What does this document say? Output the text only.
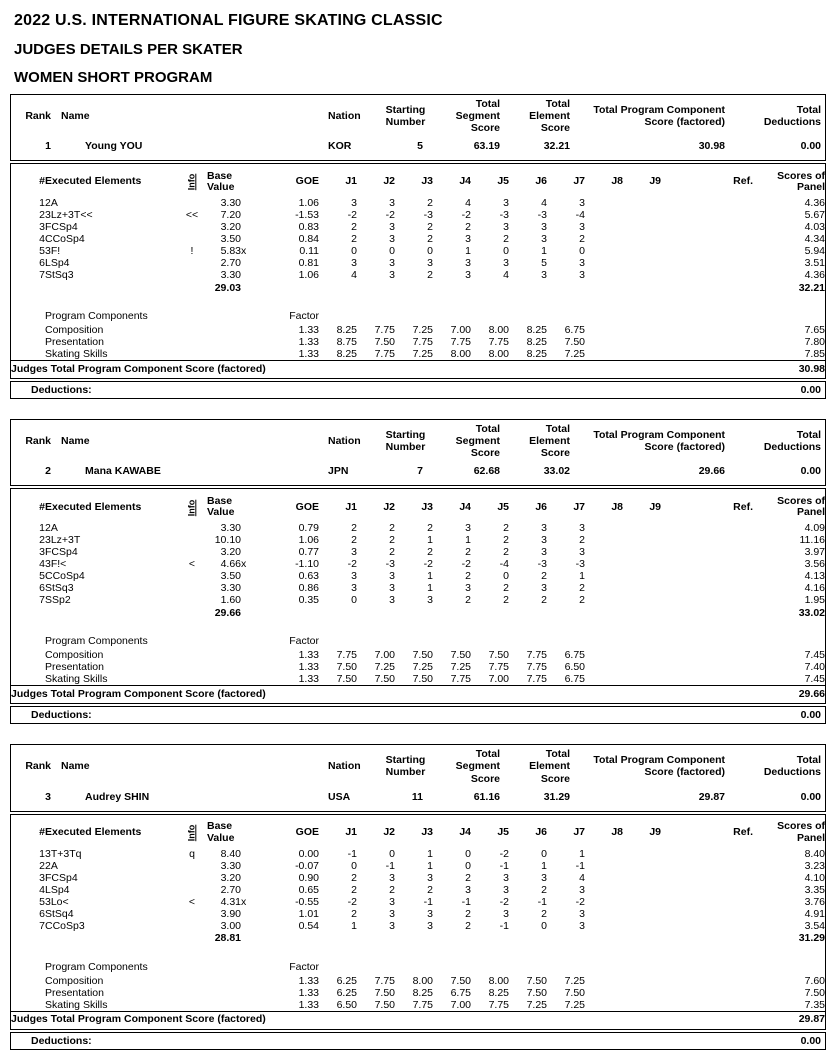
2022 U.S. INTERNATIONAL FIGURE SKATING CLASSIC
JUDGES DETAILS PER SKATER
WOMEN SHORT PROGRAM
Rank	Name	Nation	Starting
Number	Total
Segment
Score	Total
Element
Score	Total Program Component
Score (factored)	Total
Deductions
1	Young YOU	KOR	5	63.19	32.21	30.98	0.00
#	Executed Elements	Info	Base
Value		GOE	J1	J2	J3	J4	J5	J6	J7	J8	J9	Ref.	Scores of
Panel
1	2A		3.30		1.06	3	3	2	4	3	4	3				4.36
2	3Lz+3T<<	<<	7.20		-1.53	-2	-2	-3	-2	-3	-3	-4				5.67
3	FCSp4		3.20		0.83	2	3	2	2	3	3	3				4.03
4	CCoSp4		3.50		0.84	2	3	2	3	2	3	2				4.34
5	3F!	!	5.83	x	0.11	0	0	0	1	0	1	0				5.94
6	LSp4		2.70		0.81	3	3	3	3	3	5	3				3.51
7	StSq3		3.30		1.06	4	3	2	3	4	3	3				4.36
			29.03													32.21

	Program Components				Factor											
	Composition				1.33	8.25	7.75	7.25	7.00	8.00	8.25	6.75				7.65
	Presentation				1.33	8.75	7.50	7.75	7.75	7.75	8.25	7.50				7.80
	Skating Skills				1.33	8.25	7.75	7.25	8.00	8.00	8.25	7.25				7.85
Judges Total Program Component Score (factored)																30.98
Deductions:	0.00
Rank	Name	Nation	Starting
Number	Total
Segment
Score	Total
Element
Score	Total Program Component
Score (factored)	Total
Deductions
2	Mana KAWABE	JPN	7	62.68	33.02	29.66	0.00
#	Executed Elements	Info	Base
Value		GOE	J1	J2	J3	J4	J5	J6	J7	J8	J9	Ref.	Scores of
Panel
1	2A		3.30		0.79	2	2	2	3	2	3	3				4.09
2	3Lz+3T		10.10		1.06	2	2	1	1	2	3	2				11.16
3	FCSp4		3.20		0.77	3	2	2	2	2	3	3				3.97
4	3F!<	<	4.66	x	-1.10	-2	-3	-2	-2	-4	-3	-3				3.56
5	CCoSp4		3.50		0.63	3	3	1	2	0	2	1				4.13
6	StSq3		3.30		0.86	3	3	1	3	2	3	2				4.16
7	SSp2		1.60		0.35	0	3	3	2	2	2	2				1.95
			29.66													33.02

	Program Components				Factor											
	Composition				1.33	7.75	7.00	7.50	7.50	7.50	7.75	6.75				7.45
	Presentation				1.33	7.50	7.25	7.25	7.25	7.75	7.75	6.50				7.40
	Skating Skills				1.33	7.50	7.50	7.50	7.75	7.00	7.75	6.75				7.45
Judges Total Program Component Score (factored)																29.66
Deductions:	0.00
Rank	Name	Nation	Starting
Number	Total
Segment
Score	Total
Element
Score	Total Program Component
Score (factored)	Total
Deductions
3	Audrey SHIN	USA	11	61.16	31.29	29.87	0.00
#	Executed Elements	Info	Base
Value		GOE	J1	J2	J3	J4	J5	J6	J7	J8	J9	Ref.	Scores of
Panel
1	3T+3Tq	q	8.40		0.00	-1	0	1	0	-2	0	1				8.40
2	2A		3.30		-0.07	0	-1	1	0	-1	1	-1				3.23
3	FCSp4		3.20		0.90	2	3	3	2	3	3	4				4.10
4	LSp4		2.70		0.65	2	2	2	3	3	2	3				3.35
5	3Lo<	<	4.31	x	-0.55	-2	3	-1	-1	-2	-1	-2				3.76
6	StSq4		3.90		1.01	2	3	3	2	3	2	3				4.91
7	CCoSp3		3.00		0.54	1	3	3	2	-1	0	3				3.54
			28.81													31.29

	Program Components				Factor											
	Composition				1.33	6.25	7.75	8.00	7.50	8.00	7.50	7.25				7.60
	Presentation				1.33	6.25	7.50	8.25	6.75	8.25	7.50	7.50				7.50
	Skating Skills				1.33	6.50	7.50	7.75	7.00	7.75	7.25	7.25				7.35
Judges Total Program Component Score (factored)																29.87
Deductions:	0.00
